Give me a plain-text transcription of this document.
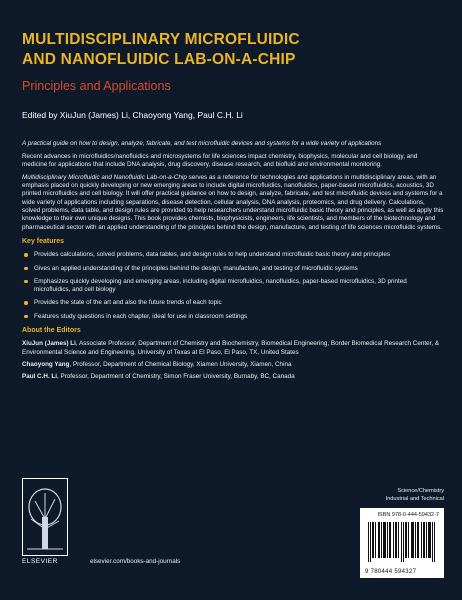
MULTIDISCIPLINARY MICROFLUIDIC
AND NANOFLUIDIC LAB-ON-A-CHIP
Principles and Applications
Edited by XiuJun (James) Li, Chaoyong Yang, Paul C.H. Li

A practical guide on how to design, analyze, fabricate, and test microfluidic devices and systems for a wide variety of applications

Recent advances in microfluidics/nanofluidics and microsystems for life sciences impact chemistry, biophysics, molecular and cell biology, and medicine for applications that include DNA analysis, drug discovery, disease research, and biofluid and environmental monitoring.

Multidisciplinary Microfluidic and Nanofluidic Lab-on-a-Chip serves as a reference for technologies and applications in multidisciplinary areas, with an emphasis placed on quickly developing or new emerging areas to include digital microfluidics, nanofluidics, paper-based microfluidics, acoustics, 3D printed microfluidics and cell biology. It will offer practical guidance on how to design, analyze, fabricate, and test microfluidic devices and systems for a wide variety of applications including separations, disease detection, cellular analysis, DNA analysis, proteomics, and drug delivery. Calculations, solved problems, data table, and design rules are provided to help researchers understand microfluidic basic theory and principles, as well as apply this knowledge to their own unique designs. This book provides chemists, biophysicists, engineers, life scientists, and members of the biotechnology and pharmaceutical sector with an applied understanding of the principles behind the design, manufacture, and testing of life sciences microfluidic systems.

Key features
Provides calculations, solved problems, data tables, and design rules to help understand microfluidic basic theory and principles
Gives an applied understanding of the principles behind the design, manufacture, and testing of microfluidic systems
Emphasizes quickly developing and emerging areas, including digital microfluidics, nanofluidics, paper-based microfluidics, 3D printed microfluidics, and cell biology
Provides the state of the art and also the future trends of each topic
Features study questions in each chapter, ideal for use in classroom settings
About the Editors
XiuJun (James) Li, Associate Professor, Department of Chemistry and Biochemistry, Biomedical Engineering, Border Biomedical Research Center, & Environmental Science and Engineering, University of Texas at El Paso, El Paso, TX, United States
Chaoyong Yang, Professor, Department of Chemical Biology, Xiamen University, Xiamen, China
Paul C.H. Li, Professor, Department of Chemistry, Simon Fraser University, Burnaby, BC, Canada
ELSEVIER	elsevier.com/books-and-journals
Science/Chemistry
Industrial and Technical
ISBN 978-0-444-59432-7
9 780444 594327
